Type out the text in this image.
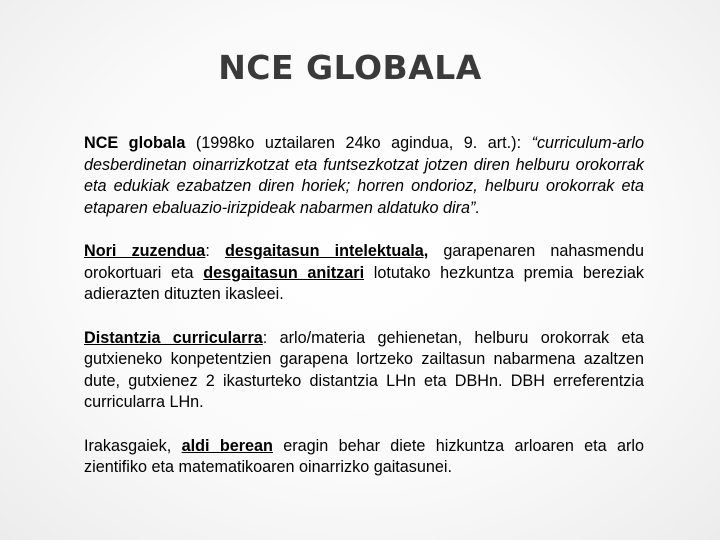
NCE GLOBALA

NCE globala (1998ko uztailaren 24ko agindua, 9. art.): “curriculum-arlo desberdinetan oinarrizkotzat eta funtsezkotzat jotzen diren helburu orokorrak eta edukiak ezabatzen diren horiek; horren ondorioz, helburu orokorrak eta etaparen ebaluazio-irizpideak nabarmen aldatuko dira”.

Nori zuzendua: desgaitasun intelektuala, garapenaren nahasmendu orokortuari eta desgaitasun anitzari lotutako hezkuntza premia bereziak adierazten dituzten ikasleei.

Distantzia curricularra: arlo/materia gehienetan, helburu orokorrak eta gutxieneko konpetentzien garapena lortzeko zailtasun nabarmena azaltzen dute, gutxienez 2 ikasturteko distantzia LHn eta DBHn. DBH erreferentzia curricularra LHn.

Irakasgaiek, aldi berean eragin behar diete hizkuntza arloaren eta arlo zientifiko eta matematikoaren oinarrizko gaitasunei.
